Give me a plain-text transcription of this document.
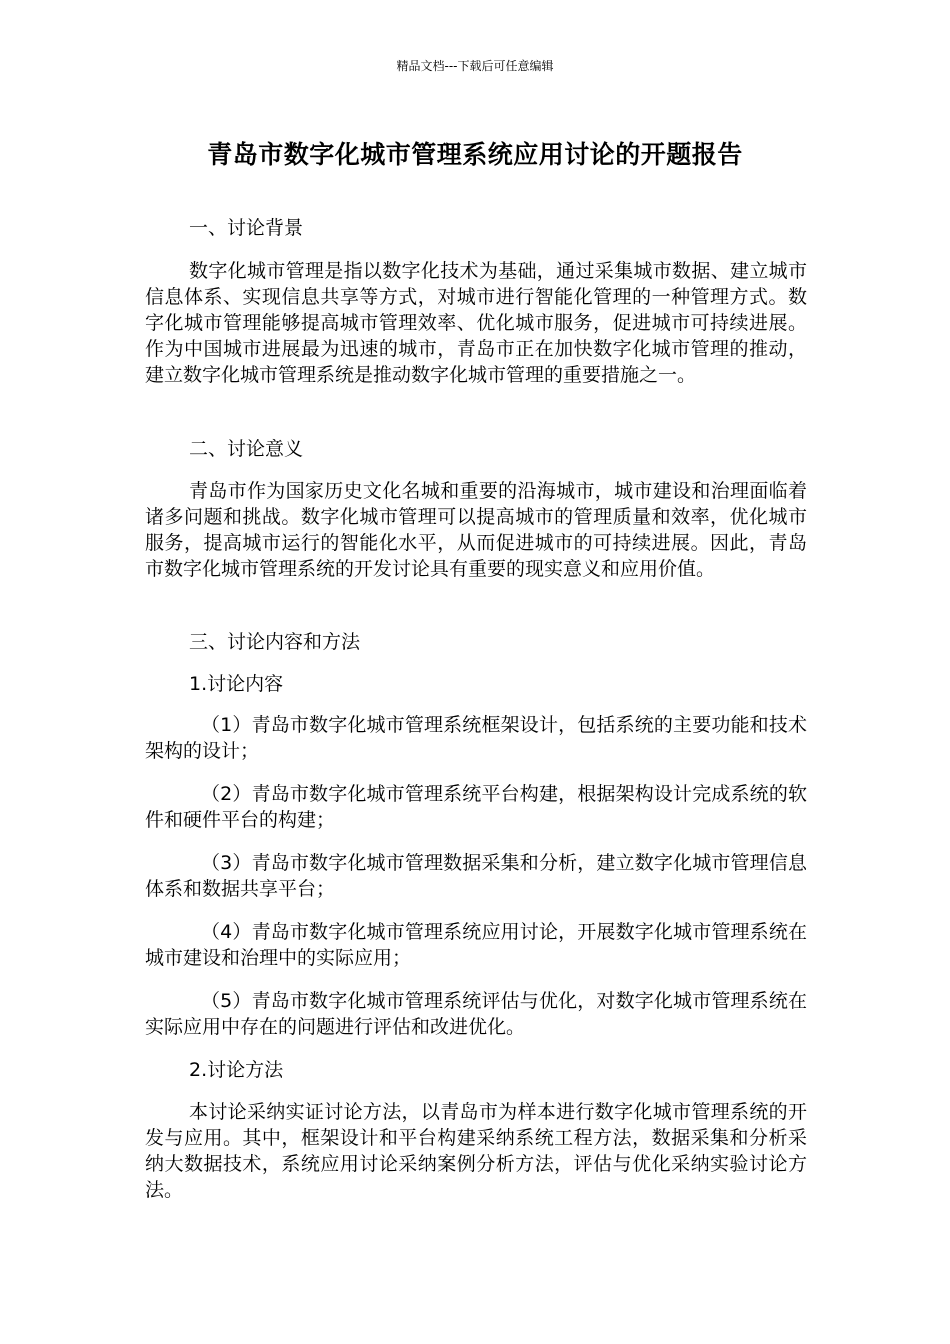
精品文档---下载后可任意编辑
青岛市数字化城市管理系统应用讨论的开题报告

一、讨论背景

数字化城市管理是指以数字化技术为基础，通过采集城市数据、建立城市信息体系、实现信息共享等方式，对城市进行智能化管理的一种管理方式。数字化城市管理能够提高城市管理效率、优化城市服务，促进城市可持续进展。作为中国城市进展最为迅速的城市，青岛市正在加快数字化城市管理的推动，建立数字化城市管理系统是推动数字化城市管理的重要措施之一。

二、讨论意义

青岛市作为国家历史文化名城和重要的沿海城市，城市建设和治理面临着诸多问题和挑战。数字化城市管理可以提高城市的管理质量和效率，优化城市服务，提高城市运行的智能化水平，从而促进城市的可持续进展。因此，青岛市数字化城市管理系统的开发讨论具有重要的现实意义和应用价值。

三、讨论内容和方法

1.讨论内容

（1）青岛市数字化城市管理系统框架设计，包括系统的主要功能和技术架构的设计；

（2）青岛市数字化城市管理系统平台构建，根据架构设计完成系统的软件和硬件平台的构建；

（3）青岛市数字化城市管理数据采集和分析，建立数字化城市管理信息体系和数据共享平台；

（4）青岛市数字化城市管理系统应用讨论，开展数字化城市管理系统在城市建设和治理中的实际应用；

（5）青岛市数字化城市管理系统评估与优化，对数字化城市管理系统在实际应用中存在的问题进行评估和改进优化。

2.讨论方法

本讨论采纳实证讨论方法，以青岛市为样本进行数字化城市管理系统的开发与应用。其中，框架设计和平台构建采纳系统工程方法，数据采集和分析采纳大数据技术，系统应用讨论采纳案例分析方法，评估与优化采纳实验讨论方法。
